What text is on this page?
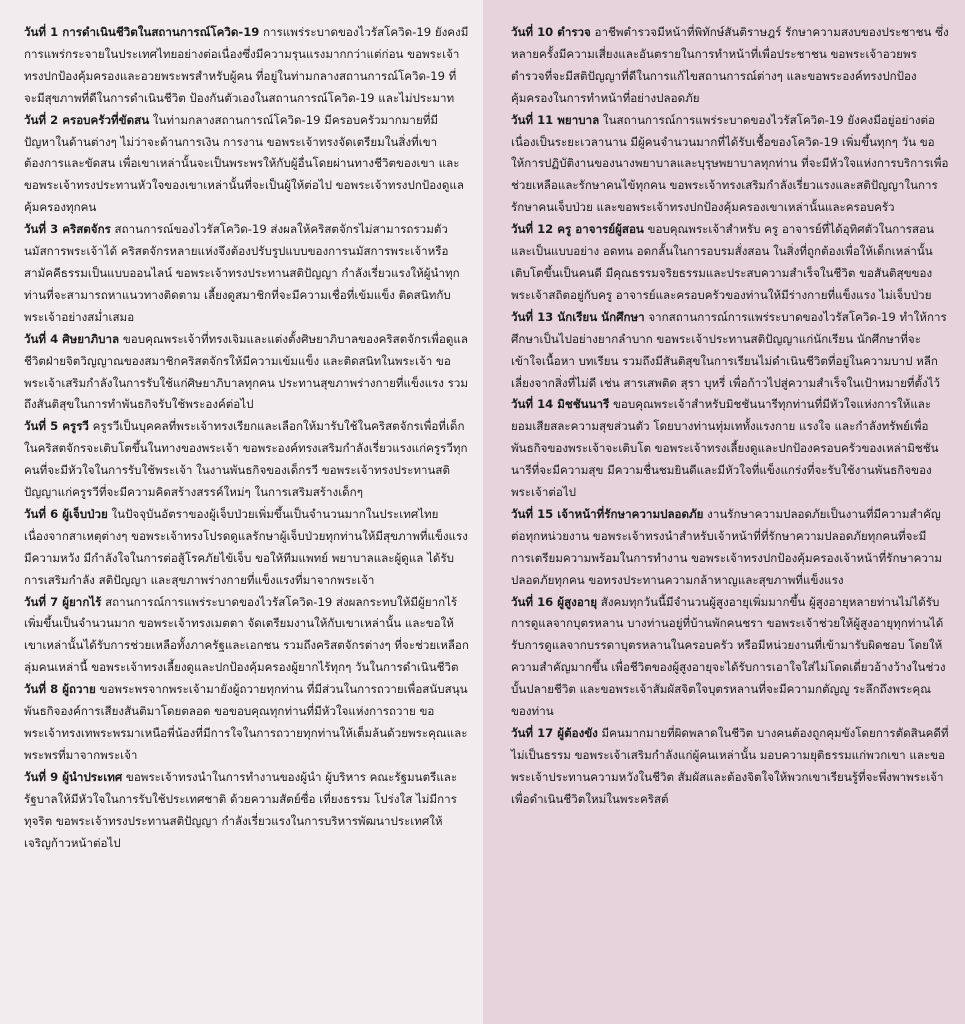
วันที่ 1 การดำเนินชีวิตในสถานการณ์โควิด-19 การแพร่ระบาดของไวรัสโควิด-19 ยังคงมีการแพร่กระจายในประเทศไทยอย่างต่อเนื่องซึ่งมีความรุนแรงมากกว่าแต่ก่อน ขอพระเจ้าทรงปกป้องคุ้มครองและอวยพระพรสำหรับผู้คน ที่อยู่ในท่ามกลางสถานการณ์โควิด-19 ที่จะมีสุขภาพที่ดีในการดำเนินชีวิต ป้องกันตัวเองในสถานการณ์โควิด-19 และไม่ประมาท

วันที่ 2 ครอบครัวที่ขัดสน ในท่ามกลางสถานการณ์โควิด-19 มีครอบครัวมากมายที่มีปัญหาในด้านต่างๆ ไม่ว่าจะด้านการเงิน การงาน ขอพระเจ้าทรงจัดเตรียมในสิ่งที่เขาต้องการและขัดสน เพื่อเขาเหล่านั้นจะเป็นพระพรให้กับผู้อื่นโดยผ่านทางชีวิตของเขา และขอพระเจ้าทรงประทานหัวใจของเขาเหล่านั้นที่จะเป็นผู้ให้ต่อไป ขอพระเจ้าทรงปกป้องดูแลคุ้มครองทุกคน

วันที่ 3 คริสตจักร สถานการณ์ของไวรัสโควิด-19 ส่งผลให้คริสตจักรไม่สามารถรวมตัวนมัสการพระเจ้าได้ คริสตจักรหลายแห่งจึงต้องปรับรูปแบบของการนมัสการพระเจ้าหรือสามัคคีธรรมเป็นแบบออนไลน์ ขอพระเจ้าทรงประทานสติปัญญา กำลังเรี่ยวแรงให้ผู้นำทุกท่านที่จะสามารถหาแนวทางติดตาม เลี้ยงดูสมาชิกที่จะมีความเชื่อที่เข้มแข็ง ติดสนิทกับพระเจ้าอย่างสม่ำเสมอ

วันที่ 4 ศิษยาภิบาล ขอบคุณพระเจ้าที่ทรงเจิมและแต่งตั้งศิษยาภิบาลของคริสตจักรเพื่อดูแลชีวิตฝ่ายจิตวิญญาณของสมาชิกคริสตจักรให้มีความเข้มแข็ง และติดสนิทในพระเจ้า ขอพระเจ้าเสริมกำลังในการรับใช้แก่ศิษยาภิบาลทุกคน ประทานสุขภาพร่างกายที่แข็งแรง รวมถึงสันติสุขในการทำพันธกิจรับใช้พระองค์ต่อไป

วันที่ 5 ครูรวี ครูรวีเป็นบุคคลที่พระเจ้าทรงเรียกและเลือกให้มารับใช้ในคริสตจักรเพื่อที่เด็กในคริสตจักรจะเติบโตขึ้นในทางของพระเจ้า ขอพระองค์ทรงเสริมกำลังเรี่ยวแรงแก่ครูรวีทุกคนที่จะมีหัวใจในการรับใช้พระเจ้า ในงานพันธกิจของเด็กรวี ขอพระเจ้าทรงประทานสติปัญญาแก่ครูรวีที่จะมีความคิดสร้างสรรค์ใหม่ๆ ในการเสริมสร้างเด็กๆ

วันที่ 6 ผู้เจ็บป่วย ในปัจจุบันอัตราของผู้เจ็บป่วยเพิ่มขึ้นเป็นจำนวนมากในประเทศไทย เนื่องจากสาเหตุต่างๆ ขอพระเจ้าทรงโปรดดูแลรักษาผู้เจ็บป่วยทุกท่านให้มีสุขภาพที่แข็งแรง มีความหวัง มีกำลังใจในการต่อสู้โรคภัยไข้เจ็บ ขอให้ทีมแพทย์ พยาบาลและผู้ดูแล ได้รับการเสริมกำลัง สติปัญญา และสุขภาพร่างกายที่แข็งแรงที่มาจากพระเจ้า

วันที่ 7 ผู้ยากไร้ สถานการณ์การแพร่ระบาดของไวรัสโควิด-19 ส่งผลกระทบให้มีผู้ยากไร้เพิ่มขึ้นเป็นจำนวนมาก ขอพระเจ้าทรงเมตตา จัดเตรียมงานให้กับเขาเหล่านั้น และขอให้เขาเหล่านั้นได้รับการช่วยเหลือทั้งภาครัฐและเอกชน รวมถึงคริสตจักรต่างๆ ที่จะช่วยเหลือกลุ่มคนเหล่านี้ ขอพระเจ้าทรงเลี้ยงดูและปกป้องคุ้มครองผู้ยากไร้ทุกๆ วันในการดำเนินชีวิต

วันที่ 8 ผู้ถวาย ขอพระพรจากพระเจ้ามายังผู้ถวายทุกท่าน ที่มีส่วนในการถวายเพื่อสนับสนุนพันธกิจองค์การเสียงสันติมาโดยตลอด ขอขอบคุณทุกท่านที่มีหัวใจแห่งการถวาย ขอพระเจ้าทรงเทพระพรมาเหนือพี่น้องที่มีการใจในการถวายทุกท่านให้เต็มล้นด้วยพระคุณและพระพรที่มาจากพระเจ้า

วันที่ 9 ผู้นำประเทศ ขอพระเจ้าทรงนำในการทำงานของผู้นำ ผู้บริหาร คณะรัฐมนตรีและรัฐบาลให้มีหัวใจในการรับใช้ประเทศชาติ ด้วยความสัตย์ซื่อ เที่ยงธรรม โปร่งใส ไม่มีการทุจริต ขอพระเจ้าทรงประทานสติปัญญา กำลังเรี่ยวแรงในการบริหารพัฒนาประเทศให้เจริญก้าวหน้าต่อไป

วันที่ 10 ตำรวจ อาชีพตำรวจมีหน้าที่พิทักษ์สันติราษฎร์ รักษาความสงบของประชาชน ซึ่งหลายครั้งมีความเสี่ยงและอันตรายในการทำหน้าที่เพื่อประชาชน ขอพระเจ้าอวยพรตำรวจที่จะมีสติปัญญาที่ดีในการแก้ไขสถานการณ์ต่างๆ และขอพระองค์ทรงปกป้องคุ้มครองในการทำหน้าที่อย่างปลอดภัย

วันที่ 11 พยาบาล ในสถานการณ์การแพร่ระบาดของไวรัสโควิด-19 ยังคงมีอยู่อย่างต่อเนื่องเป็นระยะเวลานาน มีผู้คนจำนวนมากที่ได้รับเชื้อของโควิด-19 เพิ่มขึ้นทุกๆ วัน ขอให้การปฏิบัติงานของนางพยาบาลและบุรุษพยาบาลทุกท่าน ที่จะมีหัวใจแห่งการบริการเพื่อช่วยเหลือและรักษาคนไข้ทุกคน ขอพระเจ้าทรงเสริมกำลังเรี่ยวแรงและสติปัญญาในการรักษาคนเจ็บป่วย และขอพระเจ้าทรงปกป้องคุ้มครองเขาเหล่านั้นและครอบครัว

วันที่ 12 ครู อาจารย์ผู้สอน ขอบคุณพระเจ้าสำหรับ ครู อาจารย์ที่ได้อุทิศตัวในการสอนและเป็นแบบอย่าง อดทน อดกลั้นในการอบรมสั่งสอน ในสิ่งที่ถูกต้องเพื่อให้เด็กเหล่านั้นเติบโตขึ้นเป็นคนดี มีคุณธรรมจริยธรรมและประสบความสำเร็จในชีวิต ขอสันติสุขของพระเจ้าสถิตอยู่กับครู อาจารย์และครอบครัวของท่านให้มีร่างกายที่แข็งแรง ไม่เจ็บป่วย

วันที่ 13 นักเรียน นักศึกษา จากสถานการณ์การแพร่ระบาดของไวรัสโควิด-19 ทำให้การศึกษาเป็นไปอย่างยากลำบาก ขอพระเจ้าประทานสติปัญญาแก่นักเรียน นักศึกษาที่จะเข้าใจเนื้อหา บทเรียน รวมถึงมีสันติสุขในการเรียนไม่ดำเนินชีวิตที่อยู่ในความบาป หลีกเลี่ยงจากสิ่งที่ไม่ดี เช่น สารเสพติด สุรา บุหรี่ เพื่อก้าวไปสู่ความสำเร็จในเป้าหมายที่ตั้งไว้

วันที่ 14 มิชชันนารี ขอบคุณพระเจ้าสำหรับมิชชันนารีทุกท่านที่มีหัวใจแห่งการให้และยอมเสียสละความสุขส่วนตัว โดยบางท่านทุ่มเททั้งแรงกาย แรงใจ และกำลังทรัพย์เพื่อพันธกิจของพระเจ้าจะเติบโต ขอพระเจ้าทรงเลี้ยงดูและปกป้องครอบครัวของเหล่ามิชชันนารีที่จะมีความสุข มีความชื่นชมยินดีและมีหัวใจที่แข็งแกร่งที่จะรับใช้งานพันธกิจของพระเจ้าต่อไป

วันที่ 15 เจ้าหน้าที่รักษาความปลอดภัย งานรักษาความปลอดภัยเป็นงานที่มีความสำคัญต่อทุกหน่วยงาน ขอพระเจ้าทรงนำสำหรับเจ้าหน้าที่ที่รักษาความปลอดภัยทุกคนที่จะมีการเตรียมความพร้อมในการทำงาน ขอพระเจ้าทรงปกป้องคุ้มครองเจ้าหน้าที่รักษาความปลอดภัยทุกคน ขอทรงประทานความกล้าหาญและสุขภาพที่แข็งแรง

วันที่ 16 ผู้สูงอายุ สังคมทุกวันนี้มีจำนวนผู้สูงอายุเพิ่มมากขึ้น ผู้สูงอายุหลายท่านไม่ได้รับการดูแลจากบุตรหลาน บางท่านอยู่ที่บ้านพักคนชรา ขอพระเจ้าช่วยให้ผู้สูงอายุทุกท่านได้รับการดูแลจากบรรดาบุตรหลานในครอบครัว หรือมีหน่วยงานที่เข้ามารับผิดชอบ โดยให้ความสำคัญมากขึ้น เพื่อชีวิตของผู้สูงอายุจะได้รับการเอาใจใส่ไม่โดดเดี่ยวอ้างว้างในช่วงบั้นปลายชีวิต และขอพระเจ้าสัมผัสจิตใจบุตรหลานที่จะมีความกตัญญู ระลึกถึงพระคุณของท่าน

วันที่ 17 ผู้ต้องขัง มีคนมากมายที่ผิดพลาดในชีวิต บางคนต้องถูกคุมขังโดยการตัดสินคดีที่ไม่เป็นธรรม ขอพระเจ้าเสริมกำลังแก่ผู้คนเหล่านั้น มอบความยุติธรรมแก่พวกเขา และขอพระเจ้าประทานความหวังในชีวิต สัมผัสและต้องจิตใจให้พวกเขาเรียนรู้ที่จะพึ่งพาพระเจ้า เพื่อดำเนินชีวิตใหม่ในพระคริสต์
